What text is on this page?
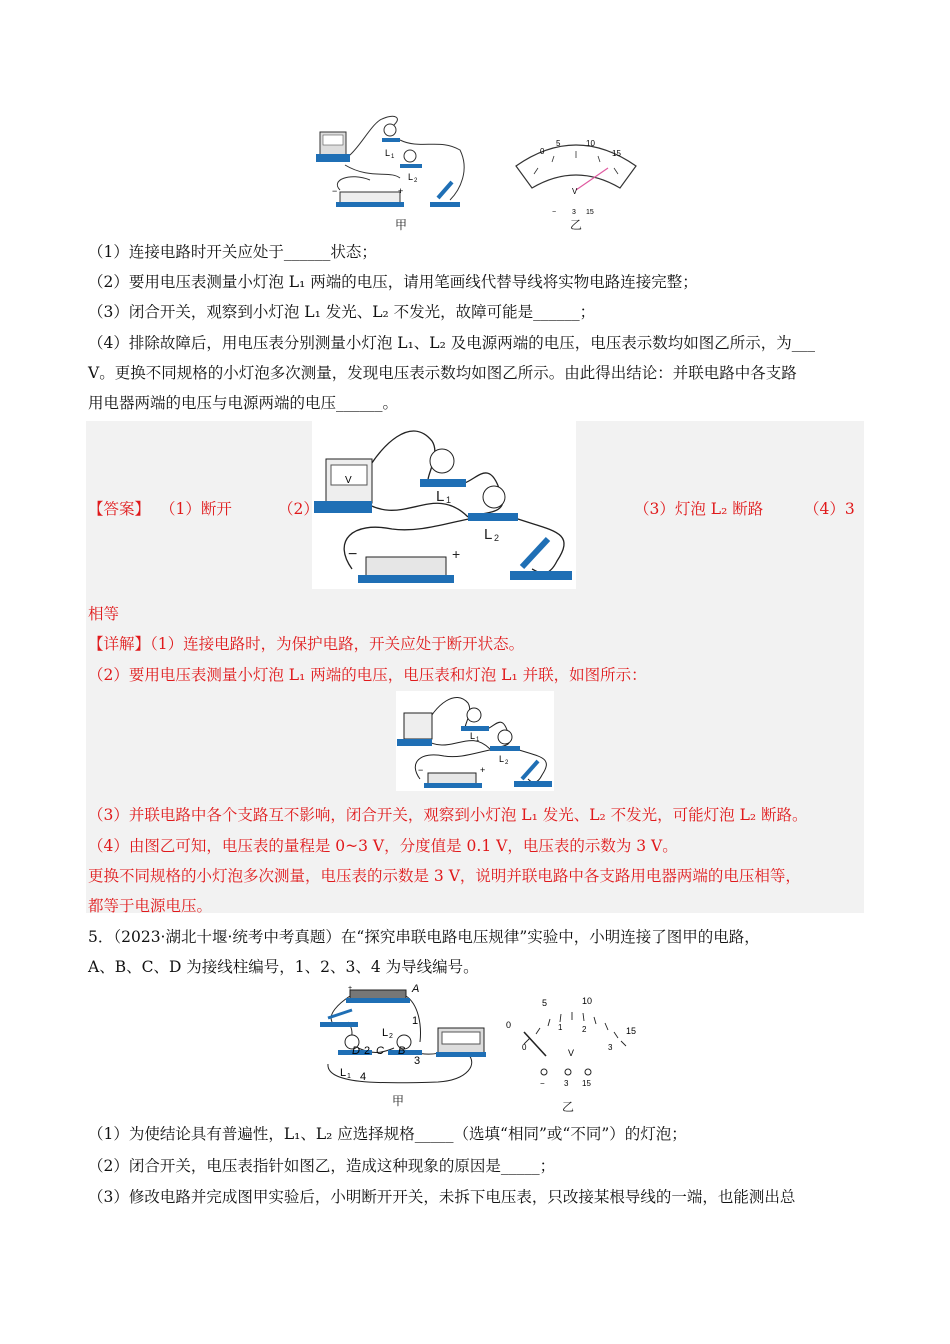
L 1
L 2
−	+
甲
0
5	10
15
V
− 3 15
乙
（1）连接电路时开关应处于______状态；
（2）要用电压表测量小灯泡 L₁ 两端的电压，请用笔画线代替导线将实物电路连接完整；
（3）闭合开关，观察到小灯泡 L₁ 发光、L₂ 不发光，故障可能是______；
（4）排除故障后，用电压表分别测量小灯泡 L₁、L₂ 及电源两端的电压，电压表示数均如图乙所示，为___
V。更换不同规格的小灯泡多次测量，发现电压表示数均如图乙所示。由此得出结论：并联电路中各支路
用电器两端的电压与电源两端的电压______。
V
L 1
L 2
−	+
【答案】 （1）断开	（2）	（3）灯泡 L₂ 断路	（4）3
相等
【详解】（1）连接电路时，为保护电路，开关应处于断开状态。
（2）要用电压表测量小灯泡 L₁ 两端的电压，电压表和灯泡 L₁ 并联，如图所示：
L 1
L 2
−	+
（3）并联电路中各个支路互不影响，闭合开关，观察到小灯泡 L₁ 发光、L₂ 不发光，可能灯泡 L₂ 断路。
（4）由图乙可知，电压表的量程是 0~3 V，分度值是 0.1 V，电压表的示数为 3 V。
更换不同规格的小灯泡多次测量，电压表的示数是 3 V，说明并联电路中各支路用电器两端的电压相等，
都等于电源电压。
5．（2023·湖北十堰·统考中考真题）在“探究串联电路电压规律”实验中，小明连接了图甲的电路，
A、B、C、D 为接线柱编号，1、2、3、4 为导线编号。
A
+
D 2 C B
L 2
1
3
L 1 4
甲
0
5	10
15
0
1 2
3
V
− 3 15
乙
（1）为使结论具有普遍性，L₁、L₂ 应选择规格_____（选填“相同”或“不同”）的灯泡；
（2）闭合开关，电压表指针如图乙，造成这种现象的原因是_____；
（3）修改电路并完成图甲实验后，小明断开开关，未拆下电压表，只改接某根导线的一端，也能测出总
